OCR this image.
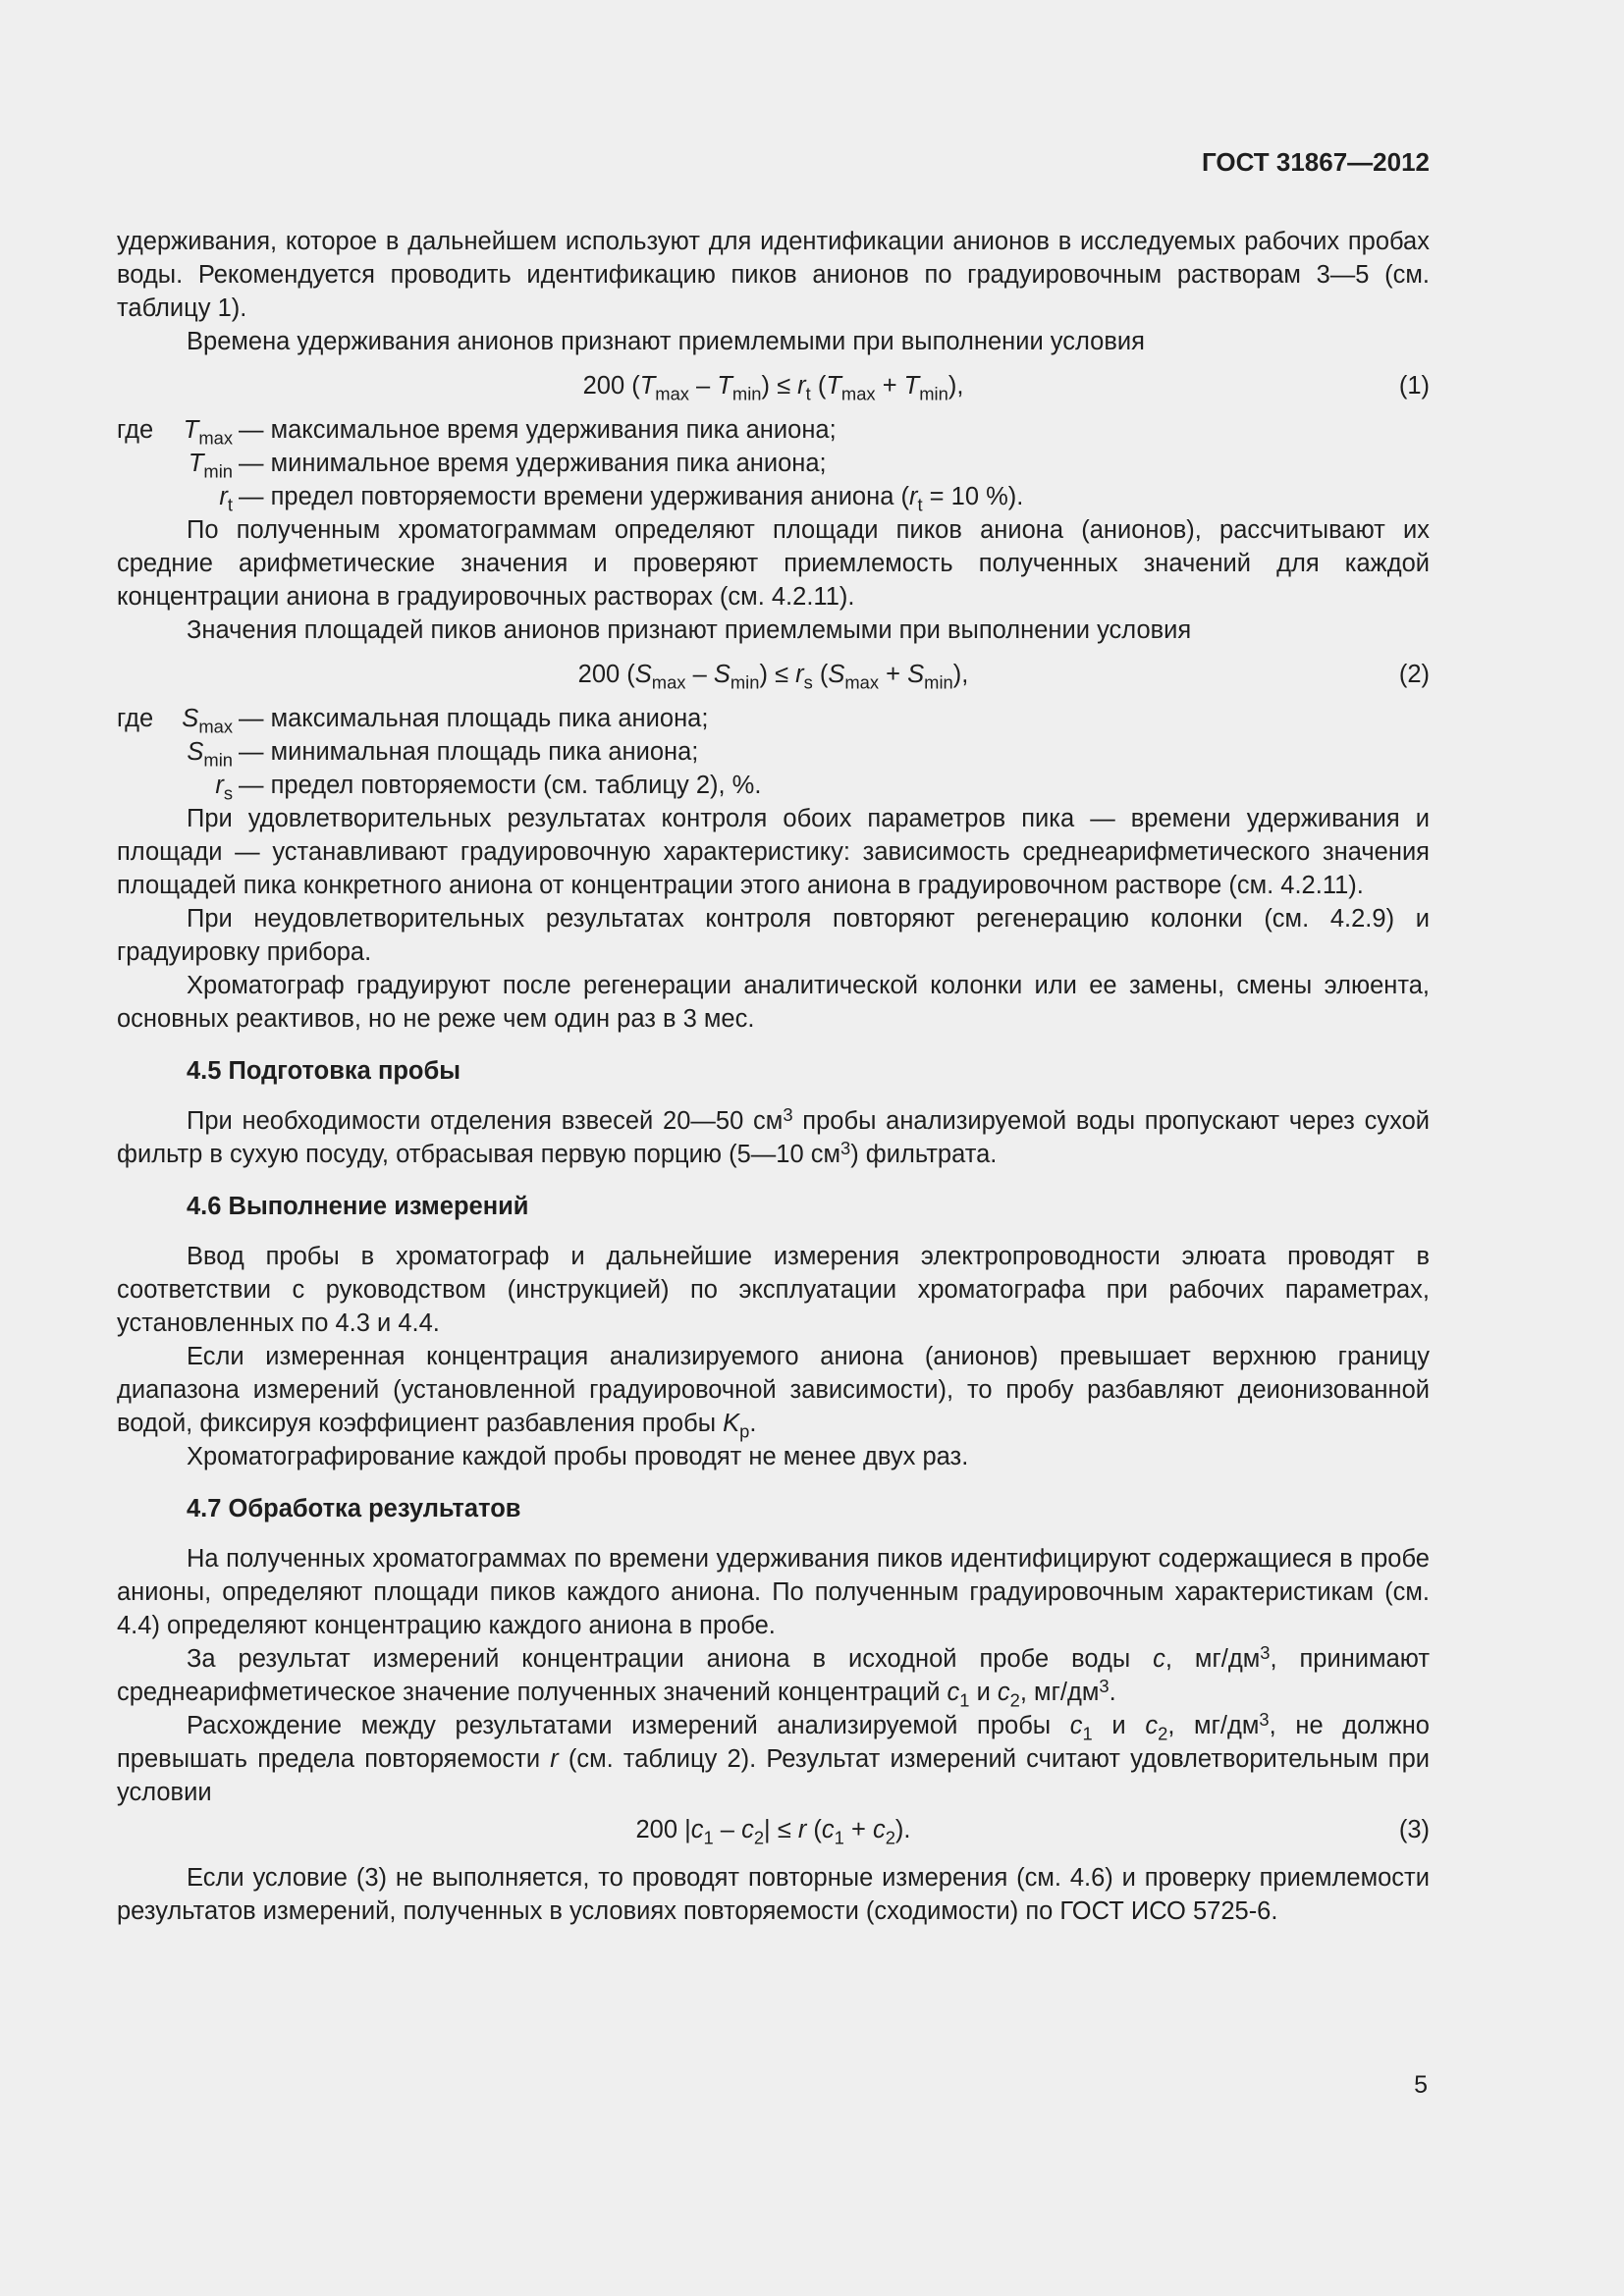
ГОСТ 31867—2012

удерживания, которое в дальнейшем используют для идентификации анионов в исследуемых рабочих пробах воды. Рекомендуется проводить идентификацию пиков анионов по градуировочным растворам 3—5 (см. таблицу 1).

Времена удерживания анионов признают приемлемыми при выполнении условия

200 $(T_{max} - T_{min}) \le r_t$ $(T_{max} + T_{min})$,	(1)

где $T_{max}$ — максимальное время удерживания пика аниона;
$T_{min}$ — минимальное время удерживания пика аниона;
$r_t$ — предел повторяемости времени удерживания аниона ($r_t = 10$ %).

По полученным хроматограммам определяют площади пиков аниона (анионов), рассчитывают их средние арифметические значения и проверяют приемлемость полученных значений для каждой концентрации аниона в градуировочных растворах (см. 4.2.11).

Значения площадей пиков анионов признают приемлемыми при выполнении условия

200 $(S_{max} - S_{min}) \le r_s$ $(S_{max} + S_{min})$,	(2)

где $S_{max}$ — максимальная площадь пика аниона;
$S_{min}$ — минимальная площадь пика аниона;
$r_s$ — предел повторяемости (см. таблицу 2), %.

При удовлетворительных результатах контроля обоих параметров пика — времени удерживания и площади — устанавливают градуировочную характеристику: зависимость среднеарифметического значения площадей пика конкретного аниона от концентрации этого аниона в градуировочном растворе (см. 4.2.11).

При неудовлетворительных результатах контроля повторяют регенерацию колонки (см. 4.2.9) и градуировку прибора.

Хроматограф градуируют после регенерации аналитической колонки или ее замены, смены элюента, основных реактивов, но не реже чем один раз в 3 мес.

4.5 Подготовка пробы

При необходимости отделения взвесей 20—50 $см^3$ пробы анализируемой воды пропускают через сухой фильтр в сухую посуду, отбрасывая первую порцию (5—10 $см^3$) фильтрата.

4.6 Выполнение измерений

Ввод пробы в хроматограф и дальнейшие измерения электропроводности элюата проводят в соответствии с руководством (инструкцией) по эксплуатации хроматографа при рабочих параметрах, установленных по 4.3 и 4.4.

Если измеренная концентрация анализируемого аниона (анионов) превышает верхнюю границу диапазона измерений (установленной градуировочной зависимости), то пробу разбавляют деионизованной водой, фиксируя коэффициент разбавления пробы $K_p$.

Хроматографирование каждой пробы проводят не менее двух раз.

4.7 Обработка результатов

На полученных хроматограммах по времени удерживания пиков идентифицируют содержащиеся в пробе анионы, определяют площади пиков каждого аниона. По полученным градуировочным характеристикам (см. 4.4) определяют концентрацию каждого аниона в пробе.

За результат измерений концентрации аниона в исходной пробе воды c, $мг/дм^3$, принимают среднеарифметическое значение полученных значений концентраций $c_1$ и $c_2$, $мг/дм^3$.

Расхождение между результатами измерений анализируемой пробы $c_1$ и $c_2$, $мг/дм^3$, не должно превышать предела повторяемости r (см. таблицу 2). Результат измерений считают удовлетворительным при условии

200 $|c_1 - c_2| \le r$ $(c_1 + c_2)$.	(3)

Если условие (3) не выполняется, то проводят повторные измерения (см. 4.6) и проверку приемлемости результатов измерений, полученных в условиях повторяемости (сходимости) по ГОСТ ИСО 5725-6.

5
